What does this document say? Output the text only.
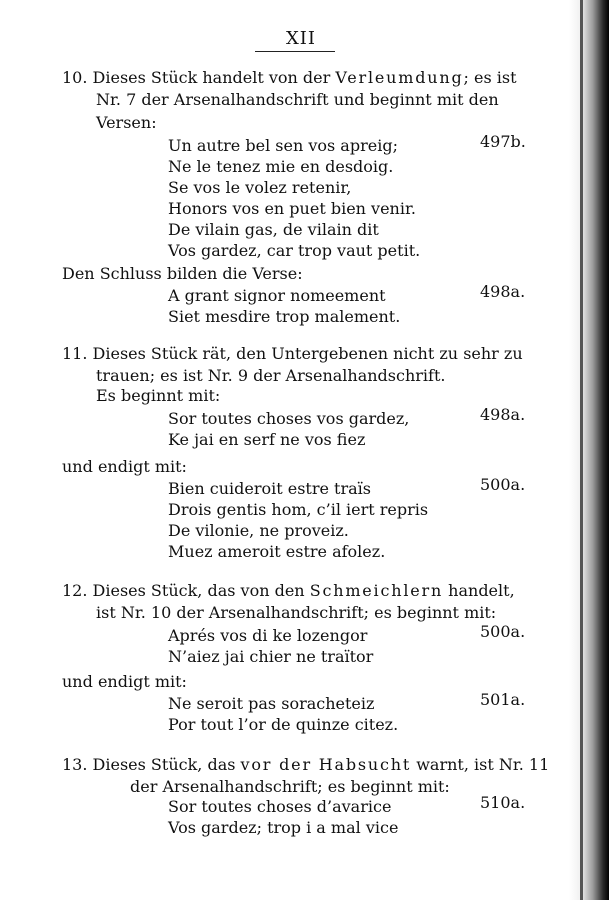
XII
10. Dieses Stück handelt von der Verleumdung; es ist
Nr. 7 der Arsenalhandschrift und beginnt mit den
Versen:
Un autre bel sen vos apreig;
Ne le tenez mie en desdoig.
Se vos le volez retenir,
Honors vos en puet bien venir.
De vilain gas, de vilain dit
Vos gardez, car trop vaut petit.
497b.
Den Schluss bilden die Verse:
A grant signor nomeement
Siet mesdire trop malement.
498a.
11. Dieses Stück rät, den Untergebenen nicht zu sehr zu
trauen; es ist Nr. 9 der Arsenalhandschrift.
Es beginnt mit:
Sor toutes choses vos gardez,
Ke jai en serf ne vos fiez
498a.
und endigt mit:
Bien cuideroit estre traïs
Drois gentis hom, c’il iert repris
De vilonie, ne proveiz.
Muez ameroit estre afolez.
500a.
12. Dieses Stück, das von den Schmeichlern handelt,
ist Nr. 10 der Arsenalhandschrift; es beginnt mit:
Aprés vos di ke lozengor
N’aiez jai chier ne traïtor
500a.
und endigt mit:
Ne seroit pas soracheteiz
Por tout l’or de quinze citez.
501a.
13. Dieses Stück, das vor der Habsucht warnt, ist Nr. 11
der Arsenalhandschrift; es beginnt mit:
Sor toutes choses d’avarice
Vos gardez; trop i a mal vice
510a.
